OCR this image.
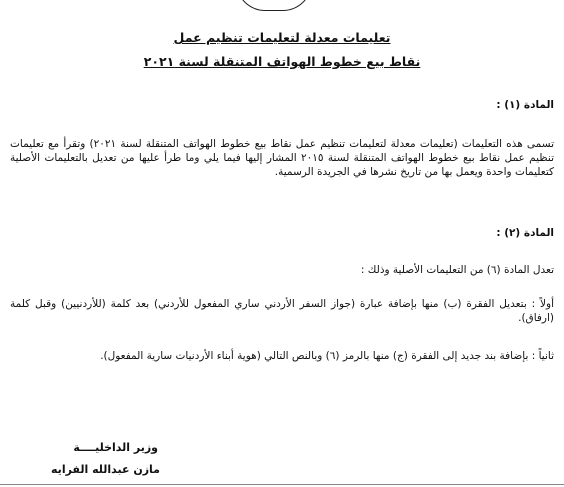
تعليمات معدلة لتعليمات تنظيم عمل
نقاط بيع خطوط الهواتف المتنقلة لسنة ٢٠٢١
المادة (١) :
تسمى هذه التعليمات (تعليمات معدلة لتعليمات تنظيم عمل نقاط بيع خطوط الهواتف المتنقلة لسنة ٢٠٢١) وتقرأ مع تعليمات تنظيم عمل نقاط بيع خطوط الهواتف المتنقلة لسنة ٢٠١٥ المشار إليها فيما يلي وما طرأ عليها من تعديل بالتعليمات الأصلية كتعليمات واحدة ويعمل بها من تاريخ نشرها في الجريدة الرسمية.
المادة (٢) :
تعدل المادة (٦) من التعليمات الأصلية وذلك :
أولاً : بتعديل الفقرة (ب) منها بإضافة عبارة (جواز السفر الأردني ساري المفعول للأردني) بعد كلمة (للأردنيين) وقبل كلمة (ارفاق).
ثانياً : بإضافة بند جديد إلى الفقرة (ج) منها بالرمز (٦) وبالنص التالي (هوية أبناء الأردنيات سارية المفعول).
وزير الداخليــــة
مازن عبدالله الفرايه
